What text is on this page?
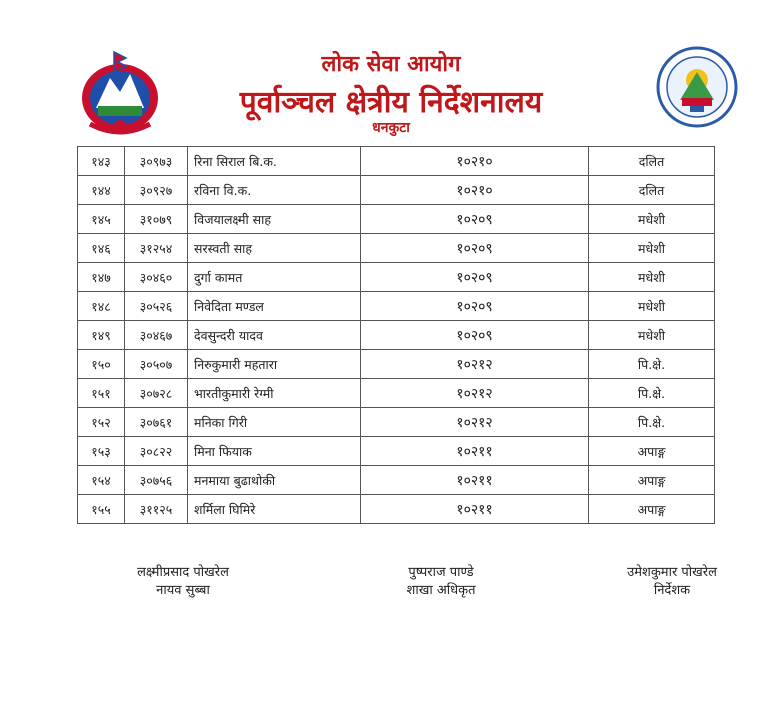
लोक सेवा आयोग
पूर्वाञ्चल क्षेत्रीय निर्देशनालय
धनकुटा
१४३	३०९७३	रिना सिराल बि.क.	१०२१०	दलित
१४४	३०९२७	रविना वि.क.	१०२१०	दलित
१४५	३१०७९	विजयालक्ष्मी साह	१०२०९	मधेशी
१४६	३१२५४	सरस्वती साह	१०२०९	मधेशी
१४७	३०४६०	दुर्गा कामत	१०२०९	मधेशी
१४८	३०५२६	निवेदिता मण्डल	१०२०९	मधेशी
१४९	३०४६७	देवसुन्दरी यादव	१०२०९	मधेशी
१५०	३०५०७	निरुकुमारी महतारा	१०२१२	पि.क्षे.
१५१	३०७२८	भारतीकुमारी रेग्मी	१०२१२	पि.क्षे.
१५२	३०७६१	मनिका गिरी	१०२१२	पि.क्षे.
१५३	३०८२२	मिना फियाक	१०२११	अपाङ्ग
१५४	३०७५६	मनमाया बुढाथोकी	१०२११	अपाङ्ग
१५५	३११२५	शर्मिला घिमिरे	१०२११	अपाङ्ग
लक्ष्मीप्रसाद पोखरेल
नायव सुब्बा
पुष्पराज पाण्डे
शाखा अधिकृत
उमेशकुमार पोखरेल
निर्देशक
